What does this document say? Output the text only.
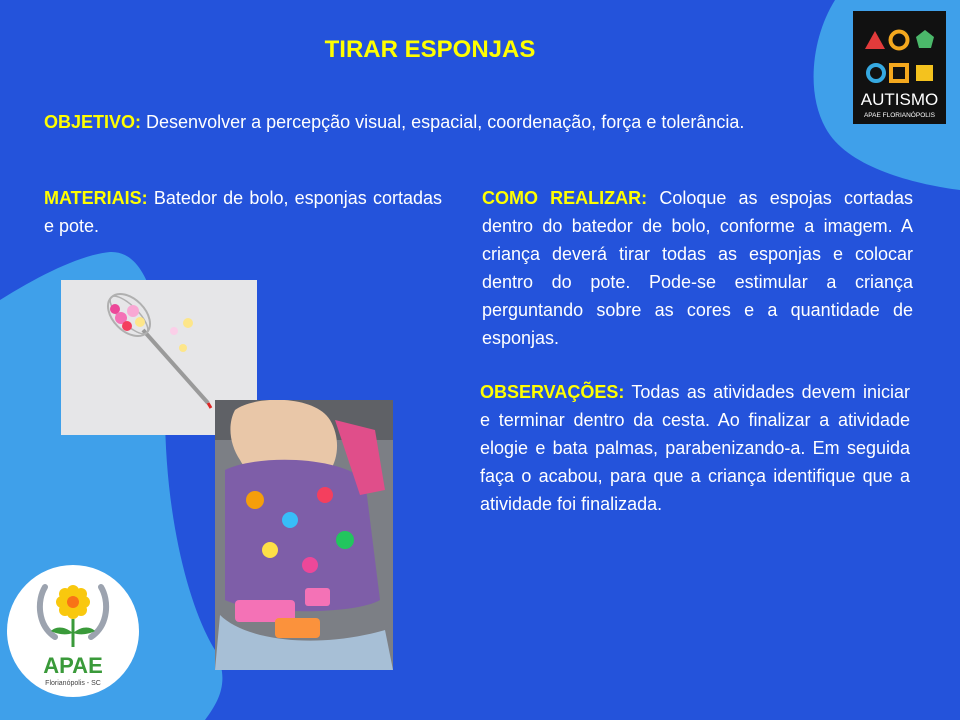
TIRAR ESPONJAS

OBJETIVO: Desenvolver a percepção visual, espacial, coordenação, força e tolerância.

MATERIAIS: Batedor de bolo, esponjas cortadas e pote.

COMO REALIZAR: Coloque as espojas cortadas dentro do batedor de bolo, conforme a imagem. A criança deverá tirar todas as esponjas e colocar dentro do pote. Pode-se estimular a criança perguntando sobre as cores e a quantidade de esponjas.

OBSERVAÇÕES: Todas as atividades devem iniciar e terminar dentro da cesta. Ao finalizar a atividade elogie e bata palmas, parabenizando-a. Em seguida faça o acabou, para que a criança identifique que a atividade foi finalizada.

AUTISMO
APAE FLORIANÓPOLIS
APAE
Florianópolis - SC
